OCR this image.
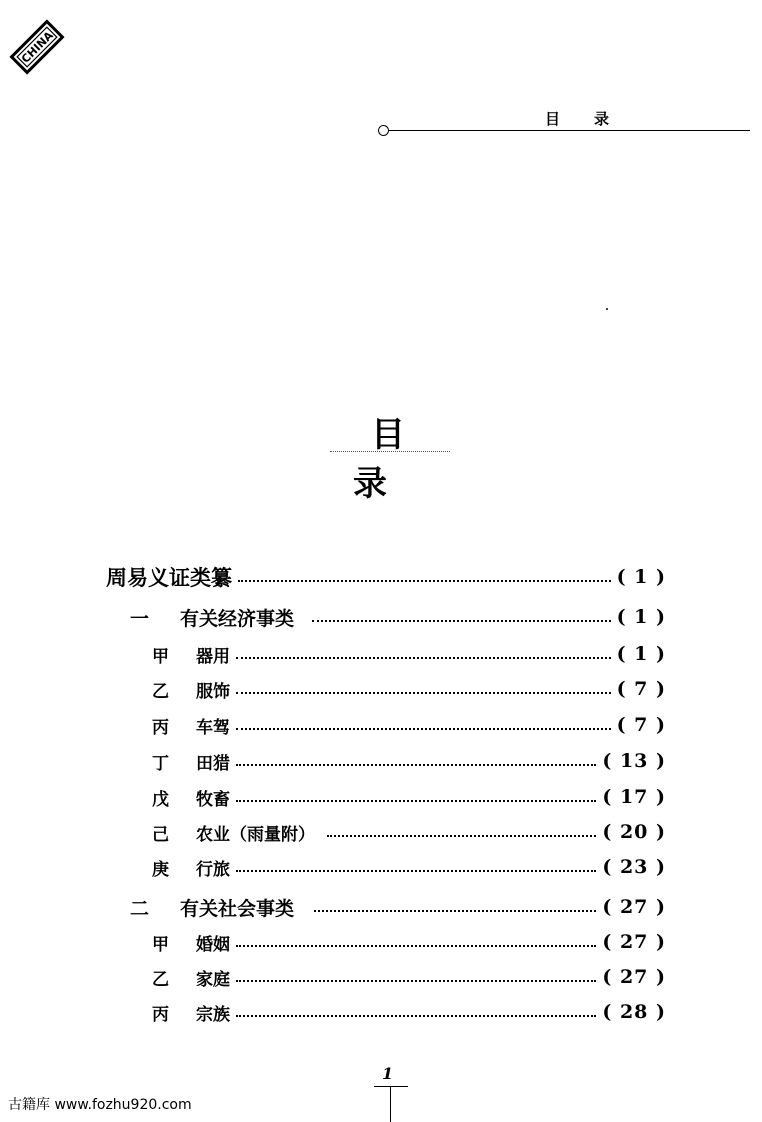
CHINA
目录
目录
周易义证类纂	( 1 )
一 有关经济事类	( 1 )
甲 器用	( 1 )
乙 服饰	( 7 )
丙 车驾	( 7 )
丁 田猎	( 13 )
戊 牧畜	( 17 )
己 农业（雨量附）	( 20 )
庚 行旅	( 23 )
二 有关社会事类	( 27 )
甲 婚姻	( 27 )
乙 家庭	( 27 )
丙 宗族	( 28 )
1
古籍库 www.fozhu920.com
